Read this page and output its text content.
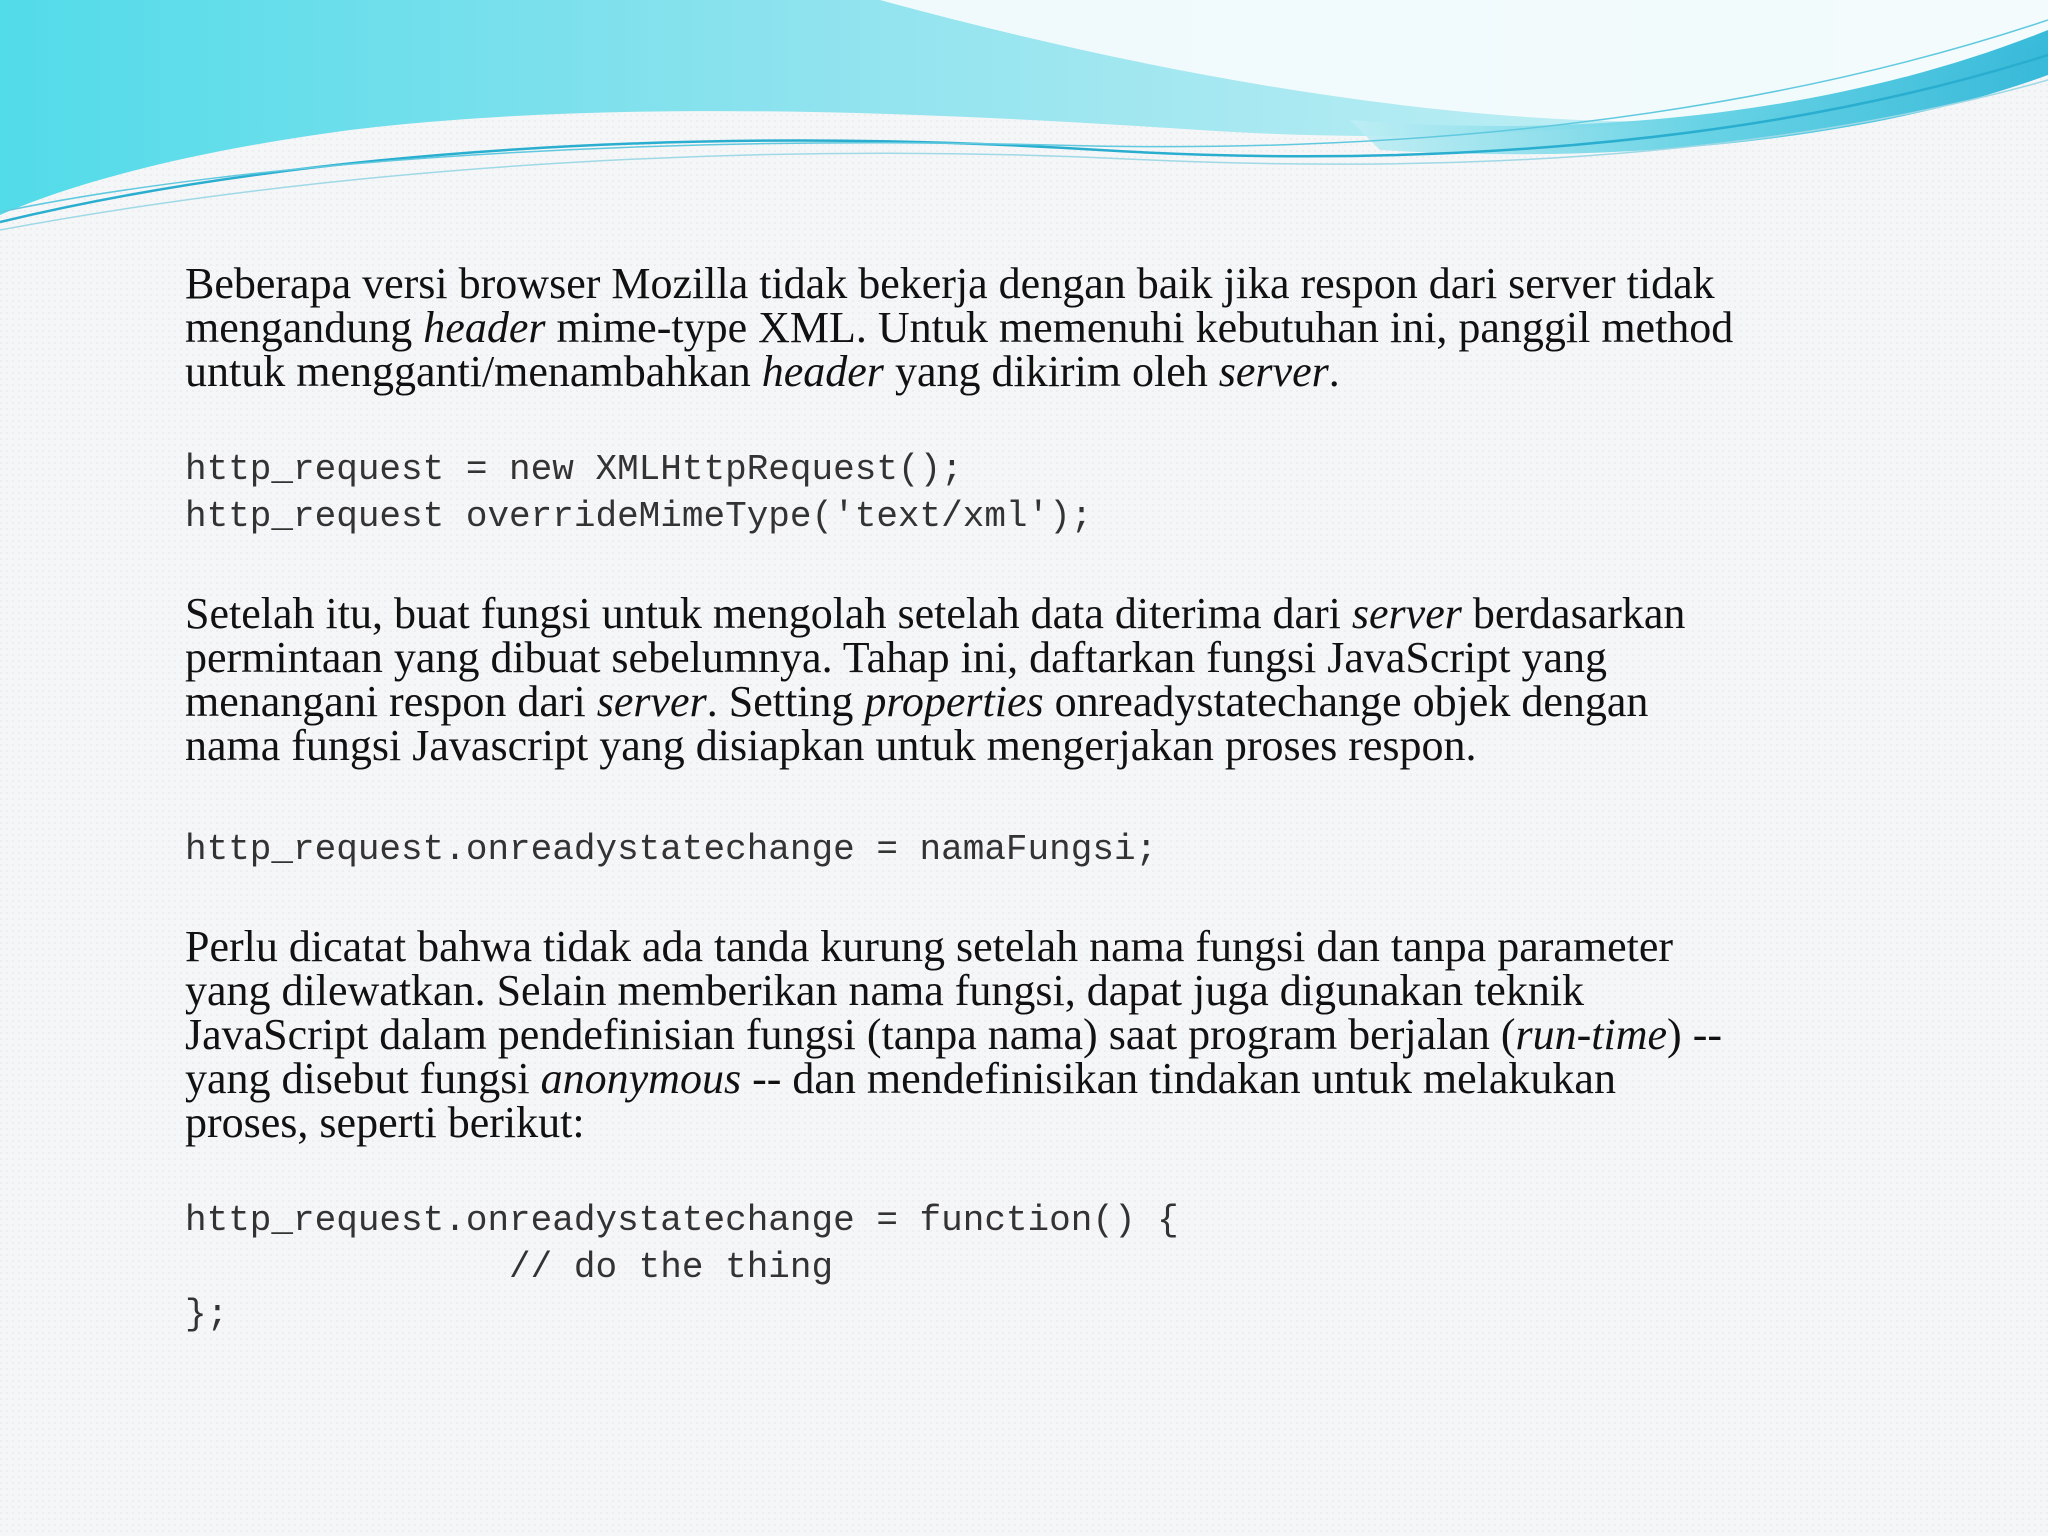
Beberapa versi browser Mozilla tidak bekerja dengan baik jika respon dari server tidak
mengandung header mime-type XML. Untuk memenuhi kebutuhan ini, panggil method
untuk mengganti/menambahkan header yang dikirim oleh server.
http_request = new XMLHttpRequest();
http_request overrideMimeType('text/xml');
Setelah itu, buat fungsi untuk mengolah setelah data diterima dari server berdasarkan
permintaan yang dibuat sebelumnya. Tahap ini, daftarkan fungsi JavaScript yang
menangani respon dari server. Setting properties onreadystatechange objek dengan
nama fungsi Javascript yang disiapkan untuk mengerjakan proses respon.
http_request.onreadystatechange = namaFungsi;
Perlu dicatat bahwa tidak ada tanda kurung setelah nama fungsi dan tanpa parameter
yang dilewatkan. Selain memberikan nama fungsi, dapat juga digunakan teknik
JavaScript dalam pendefinisian fungsi (tanpa nama) saat program berjalan (run-time) --
yang disebut fungsi anonymous -- dan mendefinisikan tindakan untuk melakukan
proses, seperti berikut:
http_request.onreadystatechange = function() {
// do the thing
};
